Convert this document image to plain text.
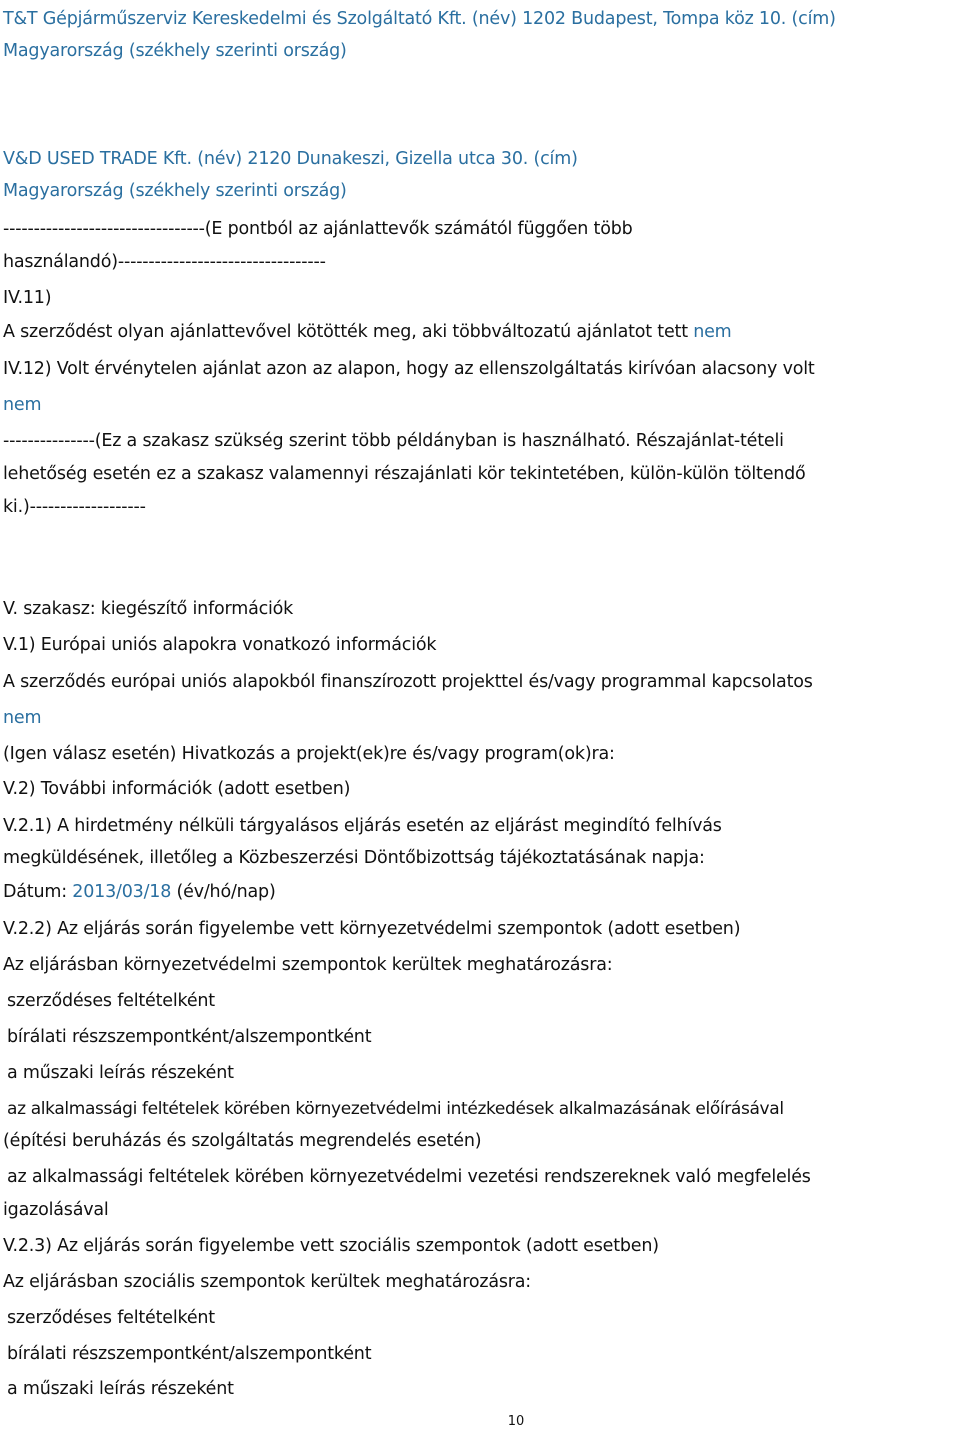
T&T Gépjárműszerviz Kereskedelmi és Szolgáltató Kft. (név) 1202 Budapest, Tompa köz 10. (cím)

Magyarország (székhely szerinti ország)

V&D USED TRADE Kft. (név) 2120 Dunakeszi, Gizella utca 30. (cím)

Magyarország (székhely szerinti ország)

---------------------------------(E pontból az ajánlattevők számától függően több

használandó)----------------------------------

IV.11)

A szerződést olyan ajánlattevővel kötötték meg, aki többváltozatú ajánlatot tett nem

IV.12) Volt érvénytelen ajánlat azon az alapon, hogy az ellenszolgáltatás kirívóan alacsony volt

nem

---------------(Ez a szakasz szükség szerint több példányban is használható. Részajánlat-tételi

lehetőség esetén ez a szakasz valamennyi részajánlati kör tekintetében, külön-külön töltendő

ki.)-------------------

V. szakasz: kiegészítő információk

V.1) Európai uniós alapokra vonatkozó információk

A szerződés európai uniós alapokból finanszírozott projekttel és/vagy programmal kapcsolatos

nem

(Igen válasz esetén) Hivatkozás a projekt(ek)re és/vagy program(ok)ra:

V.2) További információk (adott esetben)

V.2.1) A hirdetmény nélküli tárgyalásos eljárás esetén az eljárást megindító felhívás

megküldésének, illetőleg a Közbeszerzési Döntőbizottság tájékoztatásának napja:

Dátum: 2013/03/18 (év/hó/nap)

V.2.2) Az eljárás során figyelembe vett környezetvédelmi szempontok (adott esetben)

Az eljárásban környezetvédelmi szempontok kerültek meghatározásra:

szerződéses feltételként

bírálati részszempontként/alszempontként

a műszaki leírás részeként

az alkalmassági feltételek körében környezetvédelmi intézkedések alkalmazásának előírásával

(építési beruházás és szolgáltatás megrendelés esetén)

az alkalmassági feltételek körében környezetvédelmi vezetési rendszereknek való megfelelés

igazolásával

V.2.3) Az eljárás során figyelembe vett szociális szempontok (adott esetben)

Az eljárásban szociális szempontok kerültek meghatározásra:

szerződéses feltételként

bírálati részszempontként/alszempontként

a műszaki leírás részeként

10
